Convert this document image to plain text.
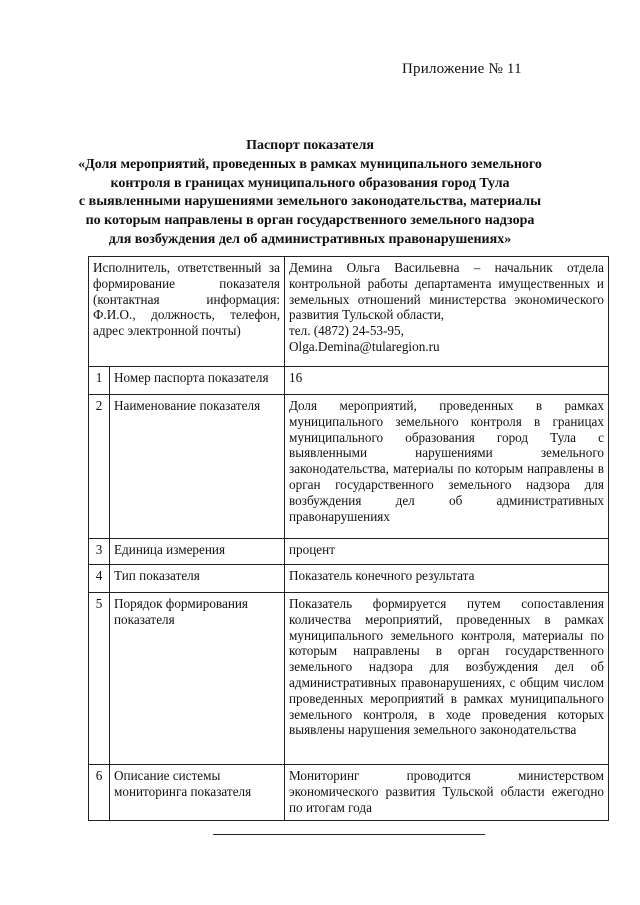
Приложение № 11
Паспорт показателя
«Доля мероприятий, проведенных в рамках муниципального земельного
контроля в границах муниципального образования город Тула
с выявленными нарушениями земельного законодательства, материалы
по которым направлены в орган государственного земельного надзора
для возбуждения дел об административных правонарушениях»
Исполнитель, ответственный за формирование показателя (контактная информация: Ф.И.О., должность, телефон, адрес электронной почты)		Демина Ольга Васильевна – начальник отдела контрольной работы департамента имущественных и земельных отношений министерства экономического развития Тульской области,
тел. (4872) 24-53-95,
Olga.Demina@tularegion.ru

1	Номер паспорта показателя	16
2	Наименование показателя	Доля мероприятий, проведенных в рамках муниципального земельного контроля в границах муниципального образования город Тула с выявленными нарушениями земельного законодательства, материалы по которым направлены в орган государственного земельного надзора для возбуждения дел об административных правонарушениях
3	Единица измерения	процент
4	Тип показателя	Показатель конечного результата
5	Порядок формирования показателя	Показатель формируется путем сопоставления количества мероприятий, проведенных в рамках муниципального земельного контроля, материалы по которым направлены в орган государственного земельного надзора для возбуждения дел об административных правонарушениях, с общим числом проведенных мероприятий в рамках муниципального земельного контроля, в ходе проведения которых выявлены нарушения земельного законодательства
6	Описание системы мониторинга показателя	Мониторинг проводится министерством экономического развития Тульской области ежегодно по итогам года
